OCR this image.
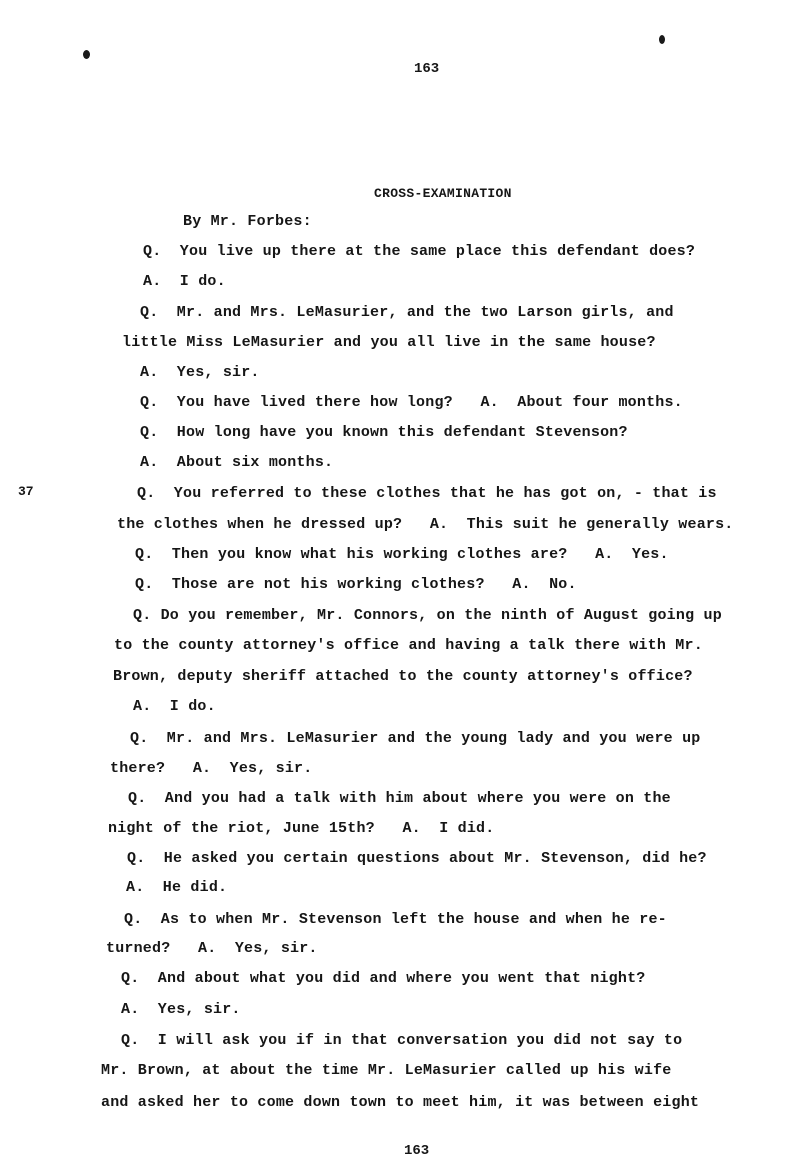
163
CROSS-EXAMINATION
By Mr. Forbes:
Q.  You live up there at the same place this defendant does?
A.  I do.
Q.  Mr. and Mrs. LeMasurier, and the two Larson girls, and
little Miss LeMasurier and you all live in the same house?
A.  Yes, sir.
Q.  You have lived there how long?   A.  About four months.
Q.  How long have you known this defendant Stevenson?
A.  About six months.
37	Q.  You referred to these clothes that he has got on, - that is
the clothes when he dressed up?   A.  This suit he generally wears.
Q.  Then you know what his working clothes are?   A.  Yes.
Q.  Those are not his working clothes?   A.  No.
Q. Do you remember, Mr. Connors, on the ninth of August going up
to the county attorney's office and having a talk there with Mr.
Brown, deputy sheriff attached to the county attorney's office?
A.  I do.
Q.  Mr. and Mrs. LeMasurier and the young lady and you were up
there?   A.  Yes, sir.
Q.  And you had a talk with him about where you were on the
night of the riot, June 15th?   A.  I did.
Q.  He asked you certain questions about Mr. Stevenson, did he?
A.  He did.
Q.  As to when Mr. Stevenson left the house and when he re-
turned?   A.  Yes, sir.
Q.  And about what you did and where you went that night?
A.  Yes, sir.
Q.  I will ask you if in that conversation you did not say to
Mr. Brown, at about the time Mr. LeMasurier called up his wife
and asked her to come down town to meet him, it was between eight
163
